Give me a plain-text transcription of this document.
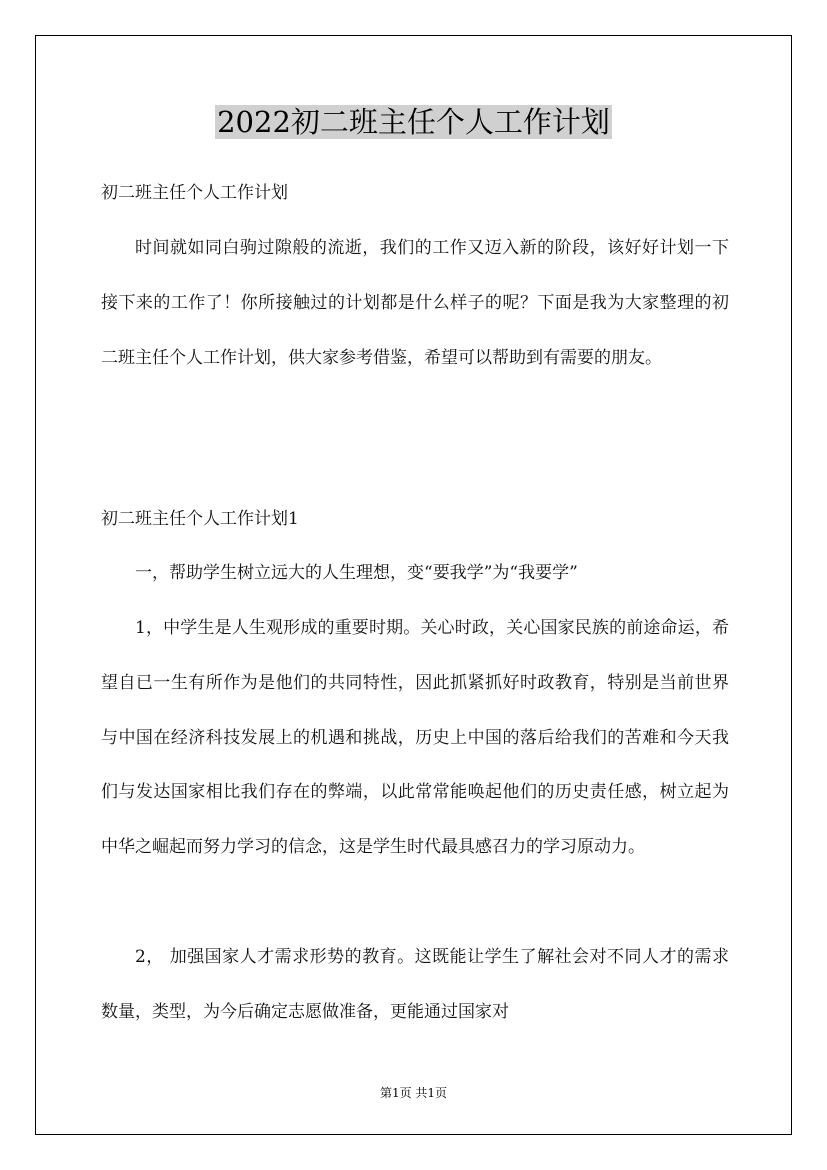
2022初二班主任个人工作计划

初二班主任个人工作计划

时间就如同白驹过隙般的流逝，我们的工作又迈入新的阶段，该好好计划一下接下来的工作了！你所接触过的计划都是什么样子的呢？下面是我为大家整理的初二班主任个人工作计划，供大家参考借鉴，希望可以帮助到有需要的朋友。

初二班主任个人工作计划1

一，帮助学生树立远大的人生理想，变“要我学”为“我要学”

1，中学生是人生观形成的重要时期。关心时政，关心国家民族的前途命运，希望自已一生有所作为是他们的共同特性，因此抓紧抓好时政教育，特别是当前世界与中国在经济科技发展上的机遇和挑战，历史上中国的落后给我们的苦难和今天我们与发达国家相比我们存在的弊端，以此常常能唤起他们的历史责任感，树立起为中华之崛起而努力学习的信念，这是学生时代最具感召力的学习原动力。

2， 加强国家人才需求形势的教育。这既能让学生了解社会对不同人才的需求数量，类型，为今后确定志愿做准备，更能通过国家对

第1页 共1页
